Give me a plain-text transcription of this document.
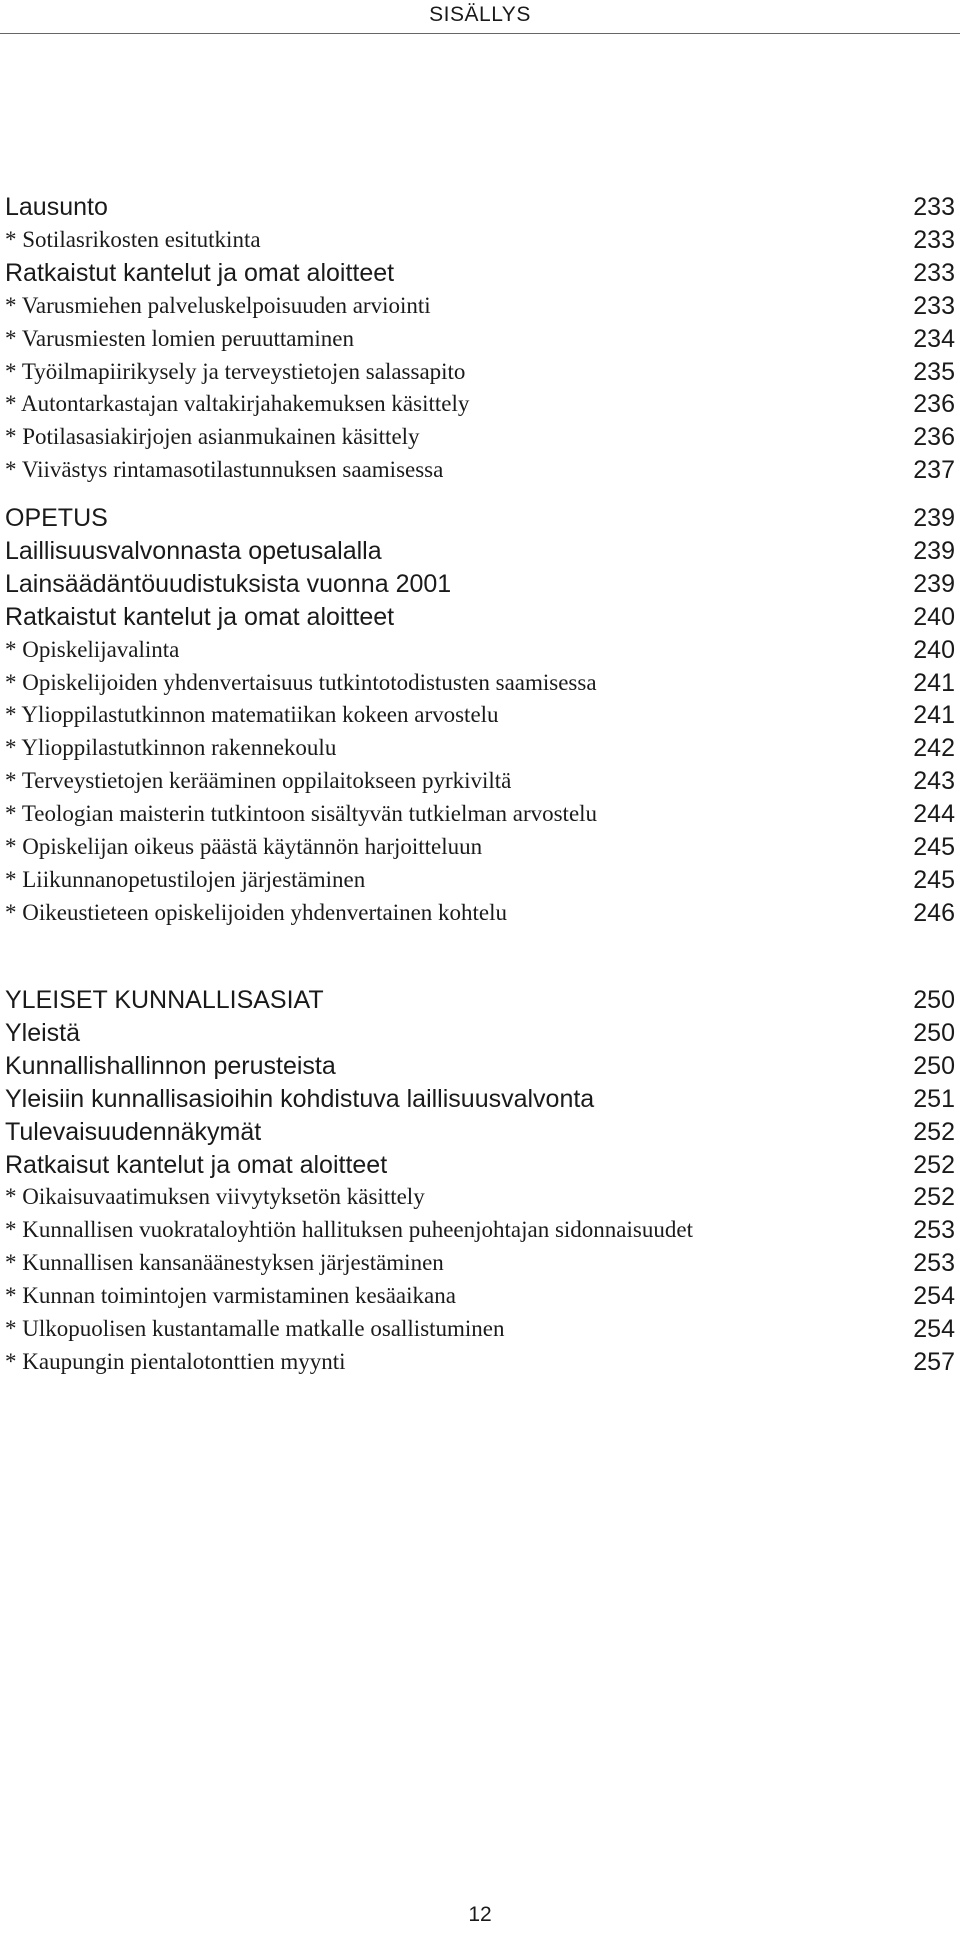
SISÄLLYS
Lausunto	233
* Sotilasrikosten esitutkinta	233
Ratkaistut kantelut ja omat aloitteet	233
* Varusmiehen palveluskelpoisuuden arviointi	233
* Varusmiesten lomien peruuttaminen	234
* Työilmapiirikysely ja terveystietojen salassapito	235
* Autontarkastajan valtakirjahakemuksen käsittely	236
* Potilasasiakirjojen asianmukainen käsittely	236
* Viivästys rintamasotilastunnuksen saamisessa	237
OPETUS	239
Laillisuusvalvonnasta opetusalalla	239
Lainsäädäntöuudistuksista vuonna 2001	239
Ratkaistut kantelut ja omat aloitteet	240
* Opiskelijavalinta	240
* Opiskelijoiden yhdenvertaisuus tutkintotodistusten saamisessa	241
* Ylioppilastutkinnon matematiikan kokeen arvostelu	241
* Ylioppilastutkinnon rakennekoulu	242
* Terveystietojen kerääminen oppilaitokseen pyrkiviltä	243
* Teologian maisterin tutkintoon sisältyvän tutkielman arvostelu	244
* Opiskelijan oikeus päästä käytännön harjoitteluun	245
* Liikunnanopetustilojen järjestäminen	245
* Oikeustieteen opiskelijoiden yhdenvertainen kohtelu	246
YLEISET KUNNALLISASIAT	250
Yleistä	250
Kunnallishallinnon perusteista	250
Yleisiin kunnallisasioihin kohdistuva laillisuusvalvonta	251
Tulevaisuudennäkymät	252
Ratkaisut kantelut ja omat aloitteet	252
* Oikaisuvaatimuksen viivytyksetön käsittely	252
* Kunnallisen vuokrataloyhtiön hallituksen puheenjohtajan sidonnaisuudet	253
* Kunnallisen kansanäänestyksen järjestäminen	253
* Kunnan toimintojen varmistaminen kesäaikana	254
* Ulkopuolisen kustantamalle matkalle osallistuminen	254
* Kaupungin pientalotonttien myynti	257
12
